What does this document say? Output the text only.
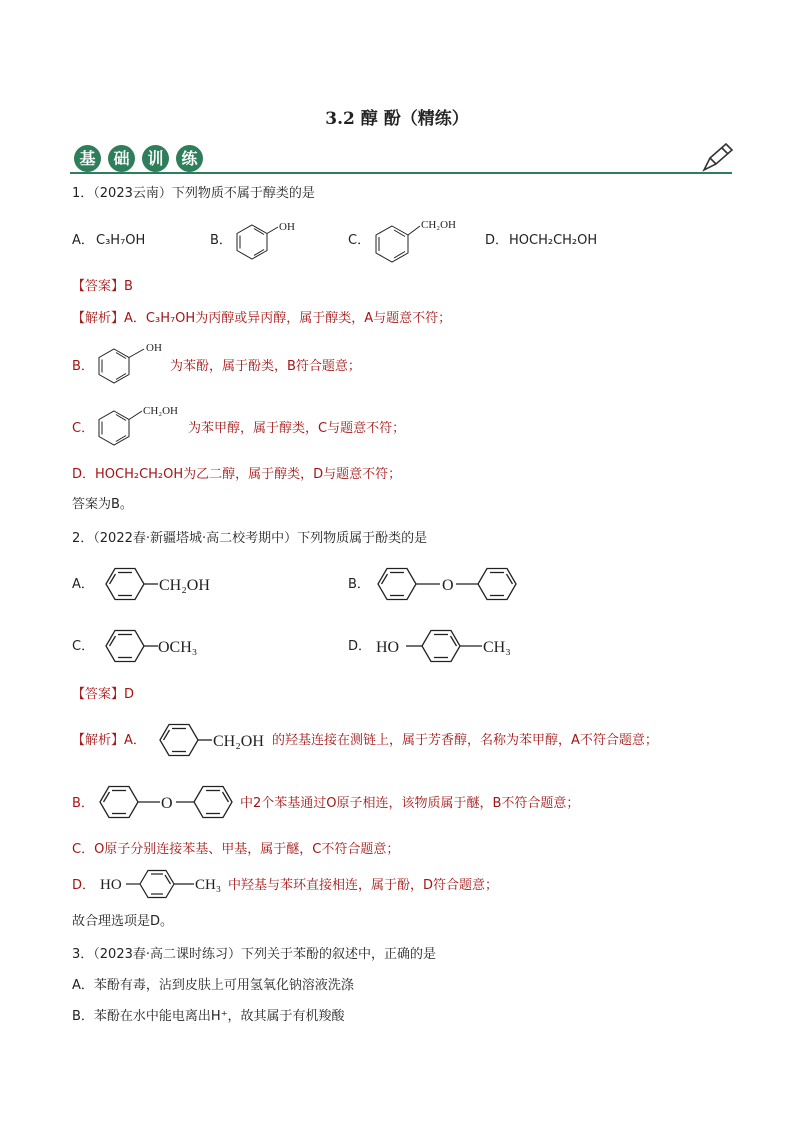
3.2 醇 酚（精练）
基	础	训	练
1．（2023云南）下列物质不属于醇类的是
A． C₃H₇OH	B．
OH
C．
CH₂OH
D． HOCH₂CH₂OH
【答案】B
【解析】A．C₃H₇OH为丙醇或异丙醇，属于醇类，A与题意不符；
B．
OH
为苯酚，属于酚类，B符合题意；
C．
CH₂OH
为苯甲醇，属于醇类，C与题意不符；
D．HOCH₂CH₂OH为乙二醇，属于醇类，D与题意不符；
答案为B。
2．（2022春·新疆塔城·高二校考期中）下列物质属于酚类的是
A．	CH₂OH	B．	O
C．	OCH₃	D． HO	CH₃
【答案】D
【解析】A．	CH₂OH 的羟基连接在测链上，属于芳香醇，名称为苯甲醇，A不符合题意；
B．	O	中2个苯基通过O原子相连，该物质属于醚，B不符合题意；
C．O原子分别连接苯基、甲基，属于醚，C不符合题意；
D． HO	CH₃ 中羟基与苯环直接相连，属于酚，D符合题意；
故合理选项是D。
3．（2023春·高二课时练习）下列关于苯酚的叙述中，正确的是
A．苯酚有毒，沾到皮肤上可用氢氧化钠溶液洗涤
B．苯酚在水中能电离出H⁺，故其属于有机羧酸
